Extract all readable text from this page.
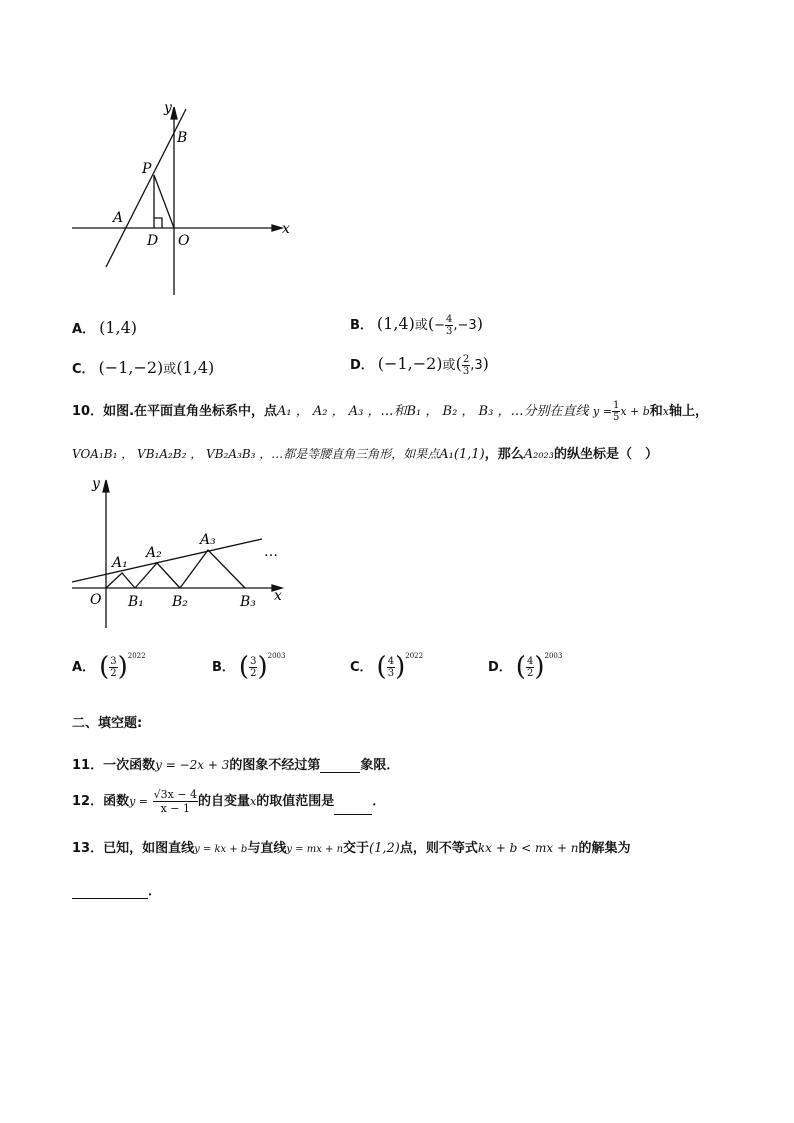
y
B
P
A
D O
x
A． (1,4)	B． (1,4)或(− $\frac{4}{3} ,-3$)
C． (−1,−2)或(1,4)	D． (−1,−2)或( $\frac{2}{3} ,3$)
10．如图.在平面直角坐标系中，点A₁ ， A₂ ， A₃ ，…和B₁ ， B₂ ， B₃ ，…分别在直线 $y = \frac{1}{5}$ x + b和x轴上，
VOA₁B₁ ， VB₁A₂B₂ ， VB₂A₃B₃ ，…都是等腰直角三角形，如果点A₁(1,1)，那么A₂₀₂₃的纵坐标是（　）
y
A₁
A₂
A₃
…
O B₁ B₂	B₃ x
A． ( $\frac{3}{2} )^{2022}$
B． ( $\frac{3}{2} )^{2003}$
C． ( $\frac{4}{3} )^{2022}$
D． ( $\frac{4}{2} )^{2003}$
二、填空题:
11．一次函数y = −2x + 3的图象不经过第	象限．
12．函数$y = \frac{√3x - 4}{x - 1}$ 的自变量x的取值范围是	．
13．已知，如图直线y = kx + b与直线y = mx + n交于(1,2)点，则不等式kx + b < mx + n的解集为
．
